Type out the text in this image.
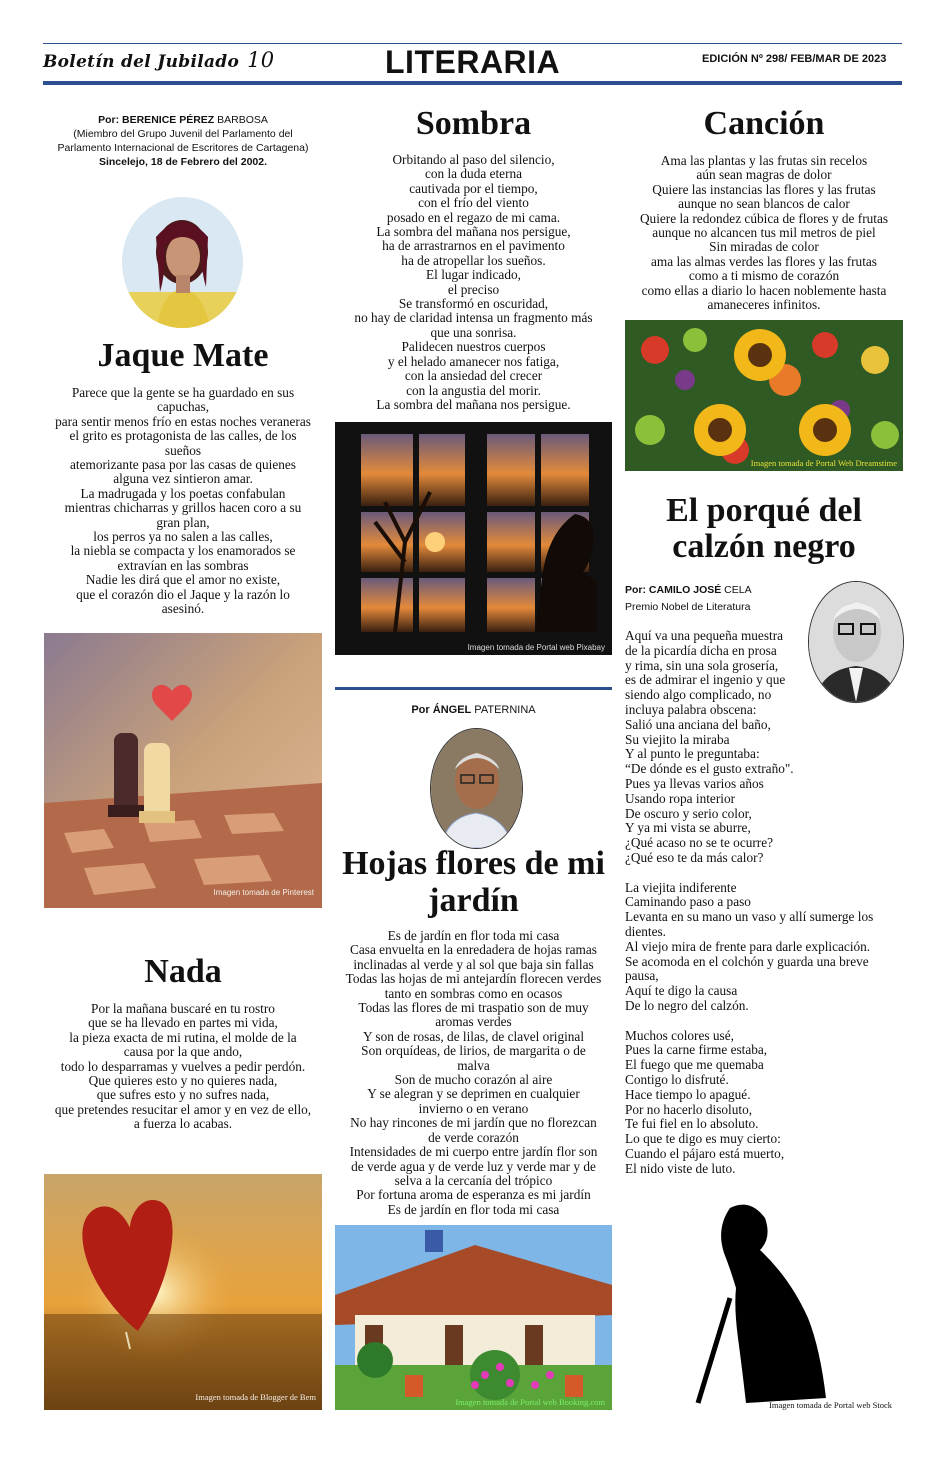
Boletín del Jubilado 10	LITERARIA	EDICIÓN Nº 298/ FEB/MAR DE 2023
Por: BERENICE PÉREZ BARBOSA
(Miembro del Grupo Juvenil del Parlamento del Parlamento Internacional de Escritores de Cartagena)
Sincelejo, 18 de Febrero del 2002.
Jaque Mate
Parece que la gente se ha guardado en sus
capuchas,
para sentir menos frío en estas noches veraneras
el grito es protagonista de las calles, de los
sueños
atemorizante pasa por las casas de quienes
alguna vez sintieron amar.
La madrugada y los poetas confabulan
mientras chicharras y grillos hacen coro a su
gran plan,
los perros ya no salen a las calles,
la niebla se compacta y los enamorados se
extravían en las sombras
Nadie les dirá que el amor no existe,
que el corazón dio el Jaque y la razón lo
asesinó.
Imagen tomada de Pinterest
Nada
Por la mañana buscaré en tu rostro
que se ha llevado en partes mi vida,
la pieza exacta de mi rutina, el molde de la
causa por la que ando,
todo lo desparramas y vuelves a pedir perdón.
Que quieres esto y no quieres nada,
que sufres esto y no sufres nada,
que pretendes resucitar el amor y en vez de ello,
a fuerza lo acabas.
Imagen tomada de Blogger de Bem
Sombra
Orbitando al paso del silencio,
con la duda eterna
cautivada por el tiempo,
con el frío del viento
posado en el regazo de mi cama.
La sombra del mañana nos persigue,
ha de arrastrarnos en el pavimento
ha de atropellar los sueños.
El lugar indicado,
el preciso
Se transformó en oscuridad,
no hay de claridad intensa un fragmento más
que una sonrisa.
Palidecen nuestros cuerpos
y el helado amanecer nos fatiga,
con la ansiedad del crecer
con la angustia del morir.
La sombra del mañana nos persigue.
Imagen tomada de Portal web Pixabay
Por ÁNGEL PATERNINA
Hojas flores de mi jardín
Es de jardín en flor toda mi casa
Casa envuelta en la enredadera de hojas ramas
inclinadas al verde y al sol que baja sin fallas
Todas las hojas de mi antejardín florecen verdes
tanto en sombras como en ocasos
Todas las flores de mi traspatio son de muy
aromas verdes
Y son de rosas, de lilas, de clavel original
Son orquídeas, de lirios, de margarita o de
malva
Son de mucho corazón al aire
Y se alegran y se deprimen en cualquier
invierno o en verano
No hay rincones de mi jardín que no florezcan
de verde corazón
Intensidades de mi cuerpo entre jardín flor son
de verde agua y de verde luz y verde mar y de
selva a la cercanía del trópico
Por fortuna aroma de esperanza es mi jardín
Es de jardín en flor toda mi casa
Imagen tomada de Portal web Booking.com
Canción
Ama las plantas y las frutas sin recelos
aún sean magras de dolor
Quiere las instancias las flores y las frutas
aunque no sean blancos de calor
Quiere la redondez cúbica de flores y de frutas
aunque no alcancen tus mil metros de piel
Sin miradas de color
ama las almas verdes las flores y las frutas
como a ti mismo de corazón
como ellas a diario lo hacen noblemente hasta
amaneceres infinitos.
Imagen tomada de Portal Web Dreamstime
El porqué del
calzón negro
Por: CAMILO JOSÉ CELA
Premio Nobel de Literatura
Aquí va una pequeña muestra
de la picardía dicha en prosa
y rima, sin una sola grosería,
es de admirar el ingenio y que
siendo algo complicado, no
incluya palabra obscena:
Salió una anciana del baño,
Su viejito la miraba
Y al punto le preguntaba:
“De dónde es el gusto extraño".
Pues ya llevas varios años
Usando ropa interior
De oscuro y serio color,
Y ya mi vista se aburre,
¿Qué acaso no se te ocurre?
¿Qué eso te da más calor?
La viejita indiferente
Caminando paso a paso
Levanta en su mano un vaso y allí sumerge los
dientes.
Al viejo mira de frente para darle explicación.
Se acomoda en el colchón y guarda una breve
pausa,
Aquí te digo la causa
De lo negro del calzón.
Muchos colores usé,
Pues la carne firme estaba,
El fuego que me quemaba
Contigo lo disfruté.
Hace tiempo lo apagué.
Por no hacerlo disoluto,
Te fui fiel en lo absoluto.
Lo que te digo es muy cierto:
Cuando el pájaro está muerto,
El nido viste de luto.
Imagen tomada de Portal web Stock
